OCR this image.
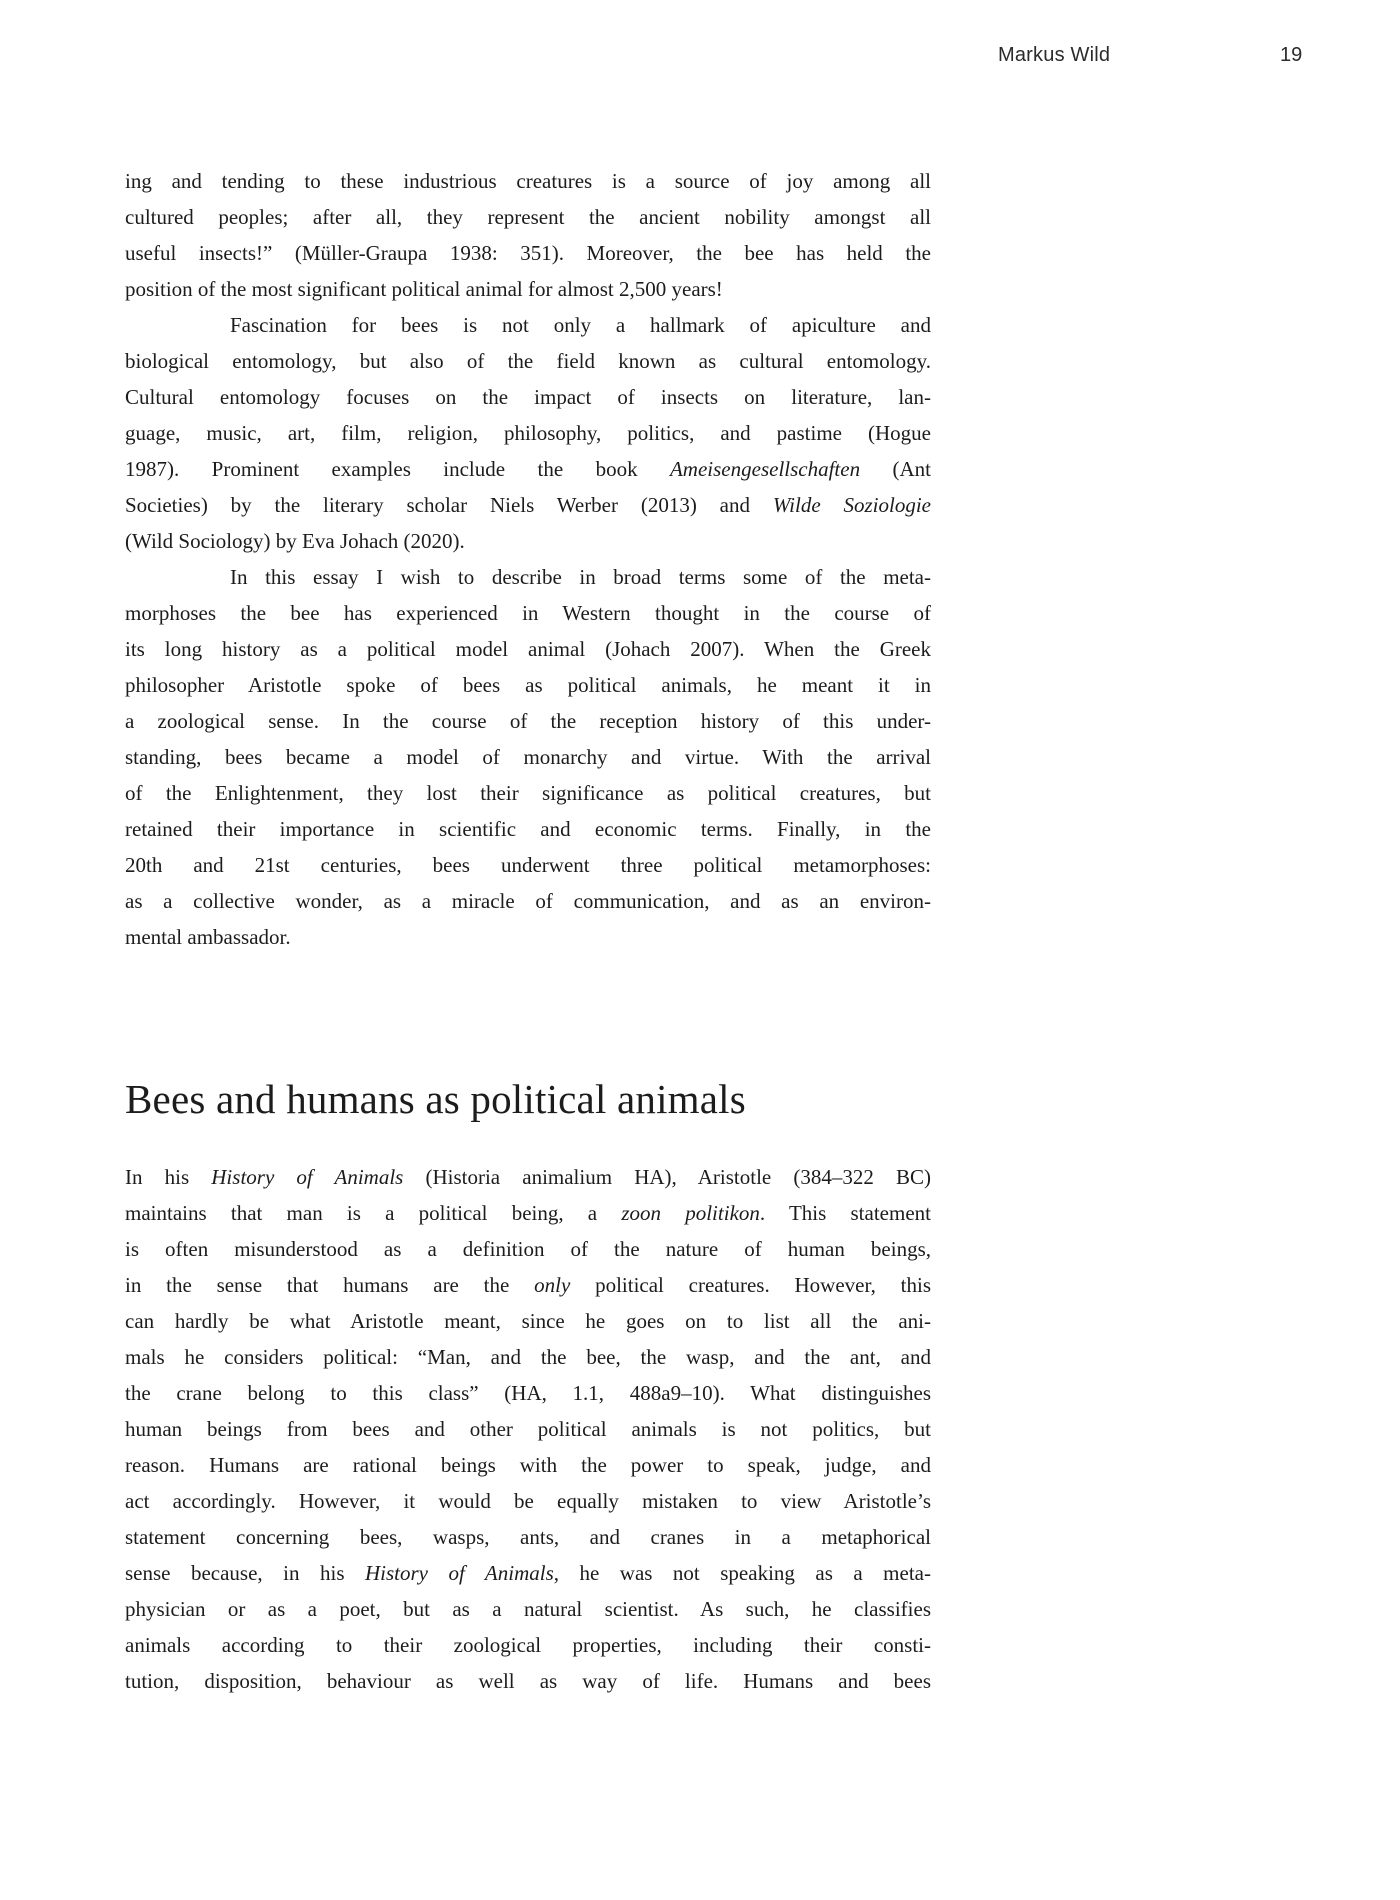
Markus Wild	19
ing and tending to these industrious creatures is a source of joy among all
cultured peoples; after all, they represent the ancient nobility amongst all
useful insects!” (Müller-Graupa 1938: 351). Moreover, the bee has held the
position of the most significant political animal for almost 2,500 years!
Fascination for bees is not only a hallmark of apiculture and
biological entomology, but also of the field known as cultural entomology.
Cultural entomology focuses on the impact of insects on literature, lan-
guage, music, art, film, religion, philosophy, politics, and pastime (Hogue
1987). Prominent examples include the book Ameisengesellschaften (Ant
Societies) by the literary scholar Niels Werber (2013) and Wilde Soziologie
(Wild Sociology) by Eva Johach (2020).
In this essay I wish to describe in broad terms some of the meta-
morphoses the bee has experienced in Western thought in the course of
its long history as a political model animal (Johach 2007). When the Greek
philosopher Aristotle spoke of bees as political animals, he meant it in
a zoological sense. In the course of the reception history of this under-
standing, bees became a model of monarchy and virtue. With the arrival
of the Enlightenment, they lost their significance as political creatures, but
retained their importance in scientific and economic terms. Finally, in the
20th and 21st centuries, bees underwent three political metamorphoses:
as a collective wonder, as a miracle of communication, and as an environ-
mental ambassador.
Bees and humans as political animals
In his History of Animals (Historia animalium HA), Aristotle (384–322 BC)
maintains that man is a political being, a zoon politikon. This statement
is often misunderstood as a definition of the nature of human beings,
in the sense that humans are the only political creatures. However, this
can hardly be what Aristotle meant, since he goes on to list all the ani-
mals he considers political: “Man, and the bee, the wasp, and the ant, and
the crane belong to this class” (HA, 1.1, 488a9–10). What distinguishes
human beings from bees and other political animals is not politics, but
reason. Humans are rational beings with the power to speak, judge, and
act accordingly. However, it would be equally mistaken to view Aristotle’s
statement concerning bees, wasps, ants, and cranes in a metaphorical
sense because, in his History of Animals, he was not speaking as a meta-
physician or as a poet, but as a natural scientist. As such, he classifies
animals according to their zoological properties, including their consti-
tution, disposition, behaviour as well as way of life. Humans and bees
